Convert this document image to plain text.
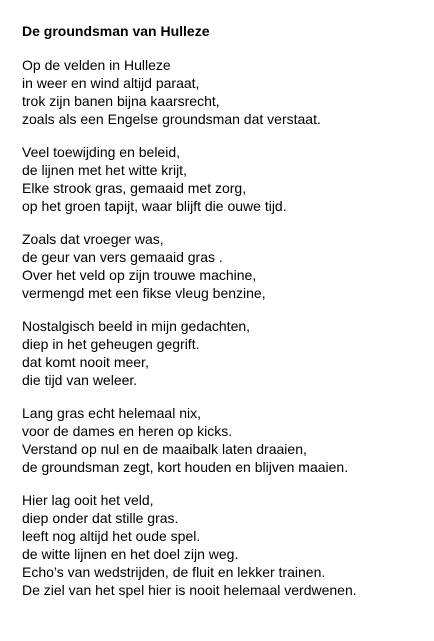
De groundsman van Hulleze
Op de velden in Hulleze
in weer en wind altijd paraat,
trok zijn banen bijna kaarsrecht,
zoals als een Engelse groundsman dat verstaat.
Veel toewijding en beleid,
de lijnen met het witte krijt,
Elke strook gras, gemaaid met zorg,
op het groen tapijt, waar blijft die ouwe tijd.
Zoals dat vroeger was,
de geur van vers gemaaid gras .
Over het veld op zijn trouwe machine,
vermengd met een fikse vleug benzine,
Nostalgisch beeld in mijn gedachten,
diep in het geheugen gegrift.
dat komt nooit meer,
die tijd van weleer.
Lang gras echt helemaal nix,
voor de dames en heren op kicks.
Verstand op nul en de maaibalk laten draaien,
de groundsman zegt, kort houden en blijven maaien.
Hier lag ooit het veld,
diep onder dat stille gras.
leeft nog altijd het oude spel.
de witte lijnen en het doel zijn weg.
Echo’s van wedstrijden, de fluit en lekker trainen.
De ziel van het spel hier is nooit helemaal verdwenen.
